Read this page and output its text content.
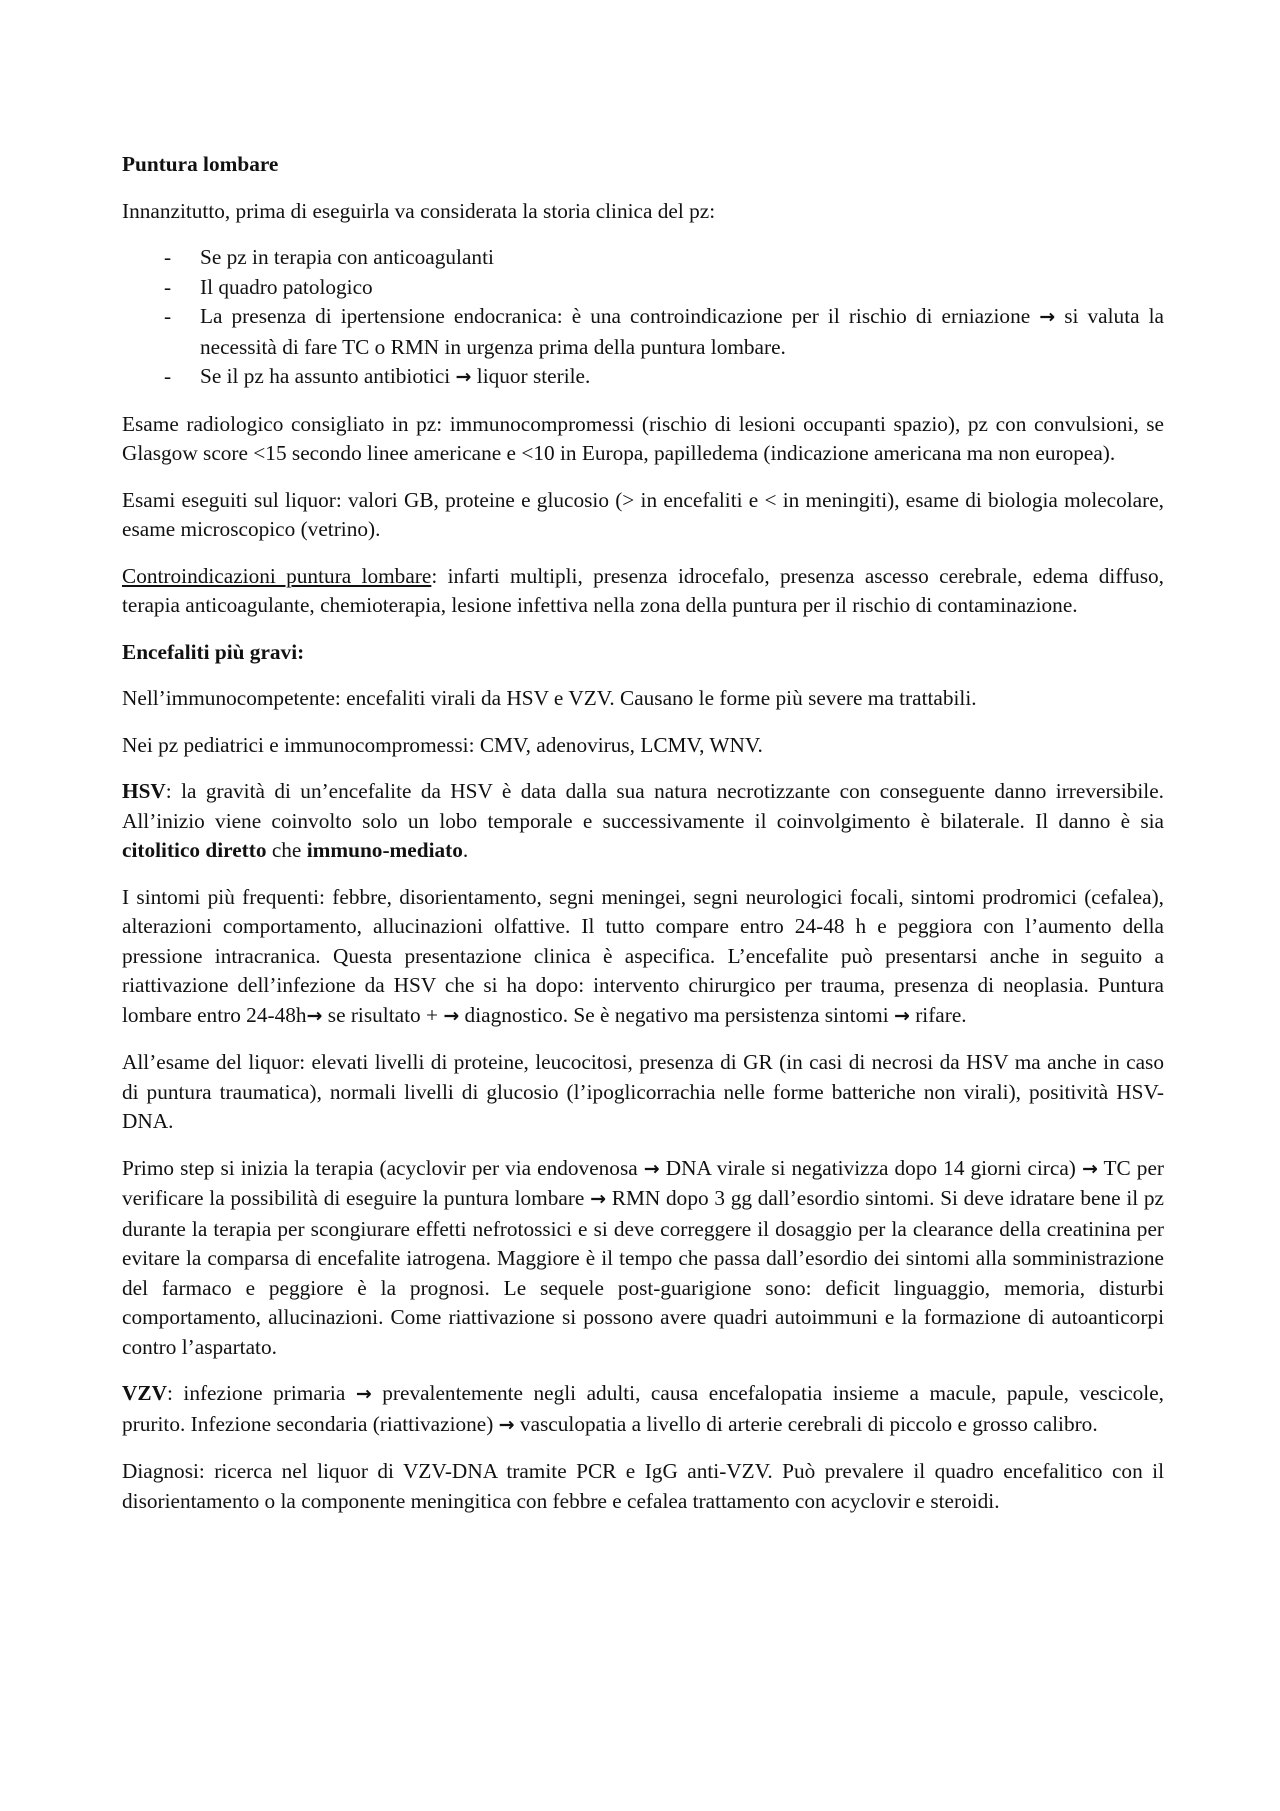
Puntura lombare

Innanzitutto, prima di eseguirla va considerata la storia clinica del pz:

- Se pz in terapia con anticoagulanti
- Il quadro patologico
- La presenza di ipertensione endocranica: è una controindicazione per il rischio di erniazione → si valuta la necessità di fare TC o RMN in urgenza prima della puntura lombare.
- Se il pz ha assunto antibiotici → liquor sterile.

Esame radiologico consigliato in pz: immunocompromessi (rischio di lesioni occupanti spazio), pz con convulsioni, se Glasgow score <15 secondo linee americane e <10 in Europa, papilledema (indicazione americana ma non europea).

Esami eseguiti sul liquor: valori GB, proteine e glucosio (> in encefaliti e < in meningiti), esame di biologia molecolare, esame microscopico (vetrino).

Controindicazioni puntura lombare: infarti multipli, presenza idrocefalo, presenza ascesso cerebrale, edema diffuso, terapia anticoagulante, chemioterapia, lesione infettiva nella zona della puntura per il rischio di contaminazione.

Encefaliti più gravi:

Nell’immunocompetente: encefaliti virali da HSV e VZV. Causano le forme più severe ma trattabili.

Nei pz pediatrici e immunocompromessi: CMV, adenovirus, LCMV, WNV.

HSV: la gravità di un’encefalite da HSV è data dalla sua natura necrotizzante con conseguente danno irreversibile. All’inizio viene coinvolto solo un lobo temporale e successivamente il coinvolgimento è bilaterale. Il danno è sia citolitico diretto che immuno-mediato.

I sintomi più frequenti: febbre, disorientamento, segni meningei, segni neurologici focali, sintomi prodromici (cefalea), alterazioni comportamento, allucinazioni olfattive. Il tutto compare entro 24-48 h e peggiora con l’aumento della pressione intracranica. Questa presentazione clinica è aspecifica. L’encefalite può presentarsi anche in seguito a riattivazione dell’infezione da HSV che si ha dopo: intervento chirurgico per trauma, presenza di neoplasia. Puntura lombare entro 24-48h→ se risultato + → diagnostico. Se è negativo ma persistenza sintomi → rifare.

All’esame del liquor: elevati livelli di proteine, leucocitosi, presenza di GR (in casi di necrosi da HSV ma anche in caso di puntura traumatica), normali livelli di glucosio (l’ipoglicorrachia nelle forme batteriche non virali), positività HSV-DNA.

Primo step si inizia la terapia (acyclovir per via endovenosa → DNA virale si negativizza dopo 14 giorni circa) → TC per verificare la possibilità di eseguire la puntura lombare → RMN dopo 3 gg dall’esordio sintomi. Si deve idratare bene il pz durante la terapia per scongiurare effetti nefrotossici e si deve correggere il dosaggio per la clearance della creatinina per evitare la comparsa di encefalite iatrogena. Maggiore è il tempo che passa dall’esordio dei sintomi alla somministrazione del farmaco e peggiore è la prognosi. Le sequele post-guarigione sono: deficit linguaggio, memoria, disturbi comportamento, allucinazioni. Come riattivazione si possono avere quadri autoimmuni e la formazione di autoanticorpi contro l’aspartato.

VZV: infezione primaria → prevalentemente negli adulti, causa encefalopatia insieme a macule, papule, vescicole, prurito. Infezione secondaria (riattivazione) → vasculopatia a livello di arterie cerebrali di piccolo e grosso calibro.

Diagnosi: ricerca nel liquor di VZV-DNA tramite PCR e IgG anti-VZV. Può prevalere il quadro encefalitico con il disorientamento o la componente meningitica con febbre e cefalea trattamento con acyclovir e steroidi.
